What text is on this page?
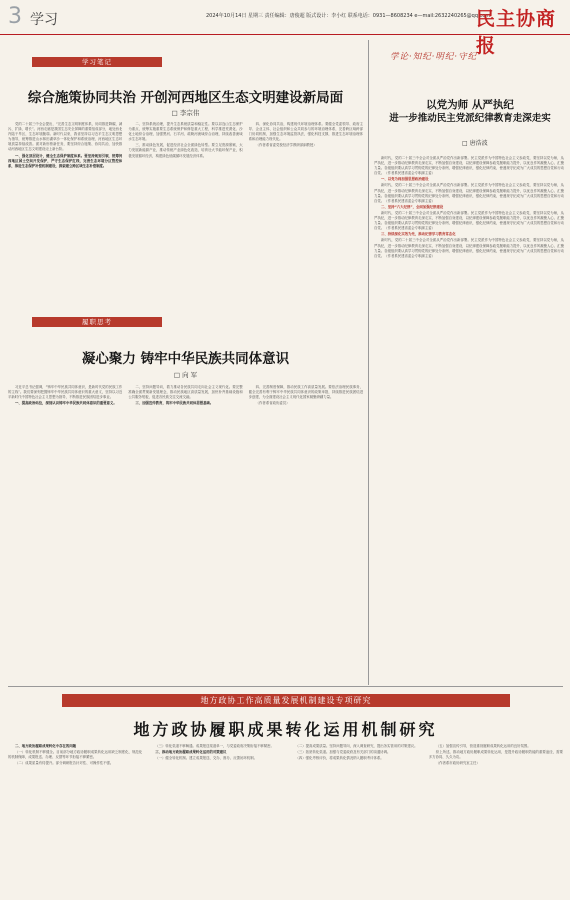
3 学习	2024年10月14日 星期三 责任编辑：唐俊超 版式设计：李小红 联系电话：0931—8608234 e—mail:2632240265@qq.com
民主协商报
学习笔记
综合施策协同共治 开创河西地区生态文明建设新局面
□ 李宗伟

党的二十届三中全会提出，“完善生态文明制度体系，协同推进降碳、减污、扩绿、增长”。河西走廊是我国生态安全屏障的重要组成部分，地处西北内陆干旱区，生态环境脆弱。新时代以来，我省坚持以习近平生态文明思想为指导，统筹推进山水林田湖草沙一体化保护和系统治理，河西地区生态环境质量持续改善。面对新形势新任务，要坚持综合施策、协同共治，加快推动河西地区生态文明建设迈上新台阶。

一、强化顶层设计，健全生态保护制度体系。要坚持规划引领，统筹河西地区国土空间开发保护，严守生态保护红线，完善生态环境分区管控体系，推进生态保护补偿机制建设，探索建立跨区域生态补偿制度。

二、坚持系统治理，提升生态系统质量和稳定性。要以祁连山生态保护为重点，统筹实施重要生态系统保护和修复重大工程，科学推进荒漠化、沙化土地综合治理，加强黑河、石羊河、疏勒河流域综合治理，持续改善流域水生态环境。

三、推动绿色发展，促进经济社会全面绿色转型。要立足资源禀赋，大力发展新能源产业，推动传统产业绿色化改造，培育壮大节能环保产业，积极发展循环经济，构建绿色低碳循环发展经济体系。

四、深化协同共治，构建现代环境治理体系。要健全党委领导、政府主导、企业主体、社会组织和公众共同参与的环境治理体系，完善跨区域跨部门协同机制，加强生态环境监管执法，强化科技支撑，推进生态环境治理体系和治理能力现代化。

（作者系省委党校经济学教研部副教授）

履职思考
凝心聚力 铸牢中华民族共同体意识
□ 向 军

习近平总书记强调，“铸牢中华民族共同体意识，是新时代党的民族工作的主线”。我们要深刻把握铸牢中华民族共同体意识的重大意义，坚持以习近平新时代中国特色社会主义思想为指导，不断推进民族团结进步事业。

一、提高政治站位，深刻认识铸牢中华民族共同体意识的重要意义。

二、坚持问题导向，着力推动各民族共同走向社会主义现代化。要完整准确全面贯彻新发展理念，推动民族地区高质量发展，加快补齐基础设施和公共服务短板，促进各民族交往交流交融。

三、加强宣传教育，筑牢中华民族共同体思想基础。

四、完善制度保障，推动民族工作高质量发展。要依法治理民族事务，健全完善有利于铸牢中华民族共同体意识的政策举措，持续推进民族团结进步创建，为全面建设社会主义现代化国家凝聚磅礴力量。

（作者系省政协委员）

学论·知纪·明纪·守纪
以党为师 从严执纪
进一步推动民主党派纪律教育走深走实
□ 唐浩波

新时代，党的二十届三中全会对全面从严治党作出新部署。民主党派作为中国特色社会主义参政党，要坚持以党为师，从严执纪，进一步推动纪律教育走深走实，不断加强自身建设，以纪律建设保障参政党履职能力提升，以优良作风凝聚人心、汇聚力量。各级组织要认真学习贯彻党的纪律处分条例，增强纪律意识，强化纪律约束，使遵规守纪成为广大成员的思想自觉和行动自觉。（作者系民建省委会专职副主委）

一、以党为师加强思想政治建设

新时代，党的二十届三中全会对全面从严治党作出新部署。民主党派作为中国特色社会主义参政党，要坚持以党为师，从严执纪，进一步推动纪律教育走深走实，不断加强自身建设，以纪律建设保障参政党履职能力提升，以优良作风凝聚人心、汇聚力量。各级组织要认真学习贯彻党的纪律处分条例，增强纪律意识，强化纪律约束，使遵规守纪成为广大成员的思想自觉和行动自觉。（作者系民建省委会专职副主委）

二、坚持“六大纪律”，全面加强纪律建设

新时代，党的二十届三中全会对全面从严治党作出新部署。民主党派作为中国特色社会主义参政党，要坚持以党为师，从严执纪，进一步推动纪律教育走深走实，不断加强自身建设，以纪律建设保障参政党履职能力提升，以优良作风凝聚人心、汇聚力量。各级组织要认真学习贯彻党的纪律处分条例，增强纪律意识，强化纪律约束，使遵规守纪成为广大成员的思想自觉和行动自觉。（作者系民建省委会专职副主委）

三、持续深化实效为先，推动纪律学习教育常态化

新时代，党的二十届三中全会对全面从严治党作出新部署。民主党派作为中国特色社会主义参政党，要坚持以党为师，从严执纪，进一步推动纪律教育走深走实，不断加强自身建设，以纪律建设保障参政党履职能力提升，以优良作风凝聚人心、汇聚力量。各级组织要认真学习贯彻党的纪律处分条例，增强纪律意识，强化纪律约束，使遵规守纪成为广大成员的思想自觉和行动自觉。（作者系民建省委会专职副主委）

地方政协工作高质量发展机制建设专项研究
地方政协履职成果转化运用机制研究

二、地方政协履职成果转化中存在的问题

（一）转化机制不够健全。目前部分地方政协履职成果转化运用缺乏制度化、规范化的机制保障，成果报送、办理、反馈等环节衔接不够紧密。

（二）成果质量有待提升。部分调研报告针对性、可操作性不强。

（三）转化渠道不够畅通。成果报送渠道单一，与党委政府决策衔接不够紧密。

三、推动地方政协履职成果转化运用的对策建议

（一）健全转化机制。建立成果报送、交办、督办、反馈闭环机制。

（二）提高成果质量。坚持问题导向，深入调查研究，提出务实管用的对策建议。

（三）拓宽转化渠道。加强与党委政府及有关部门的沟通协调。

（四）强化考核评价，将成果转化情况纳入履职考评体系。

（五）加强宣传引导，营造重视履职成果转化运用的良好氛围。

综上所述，推动地方政协履职成果转化运用，是提升政协履职效能的重要途径，需要多方协同、久久为功。

（作者系市政协研究室主任）
